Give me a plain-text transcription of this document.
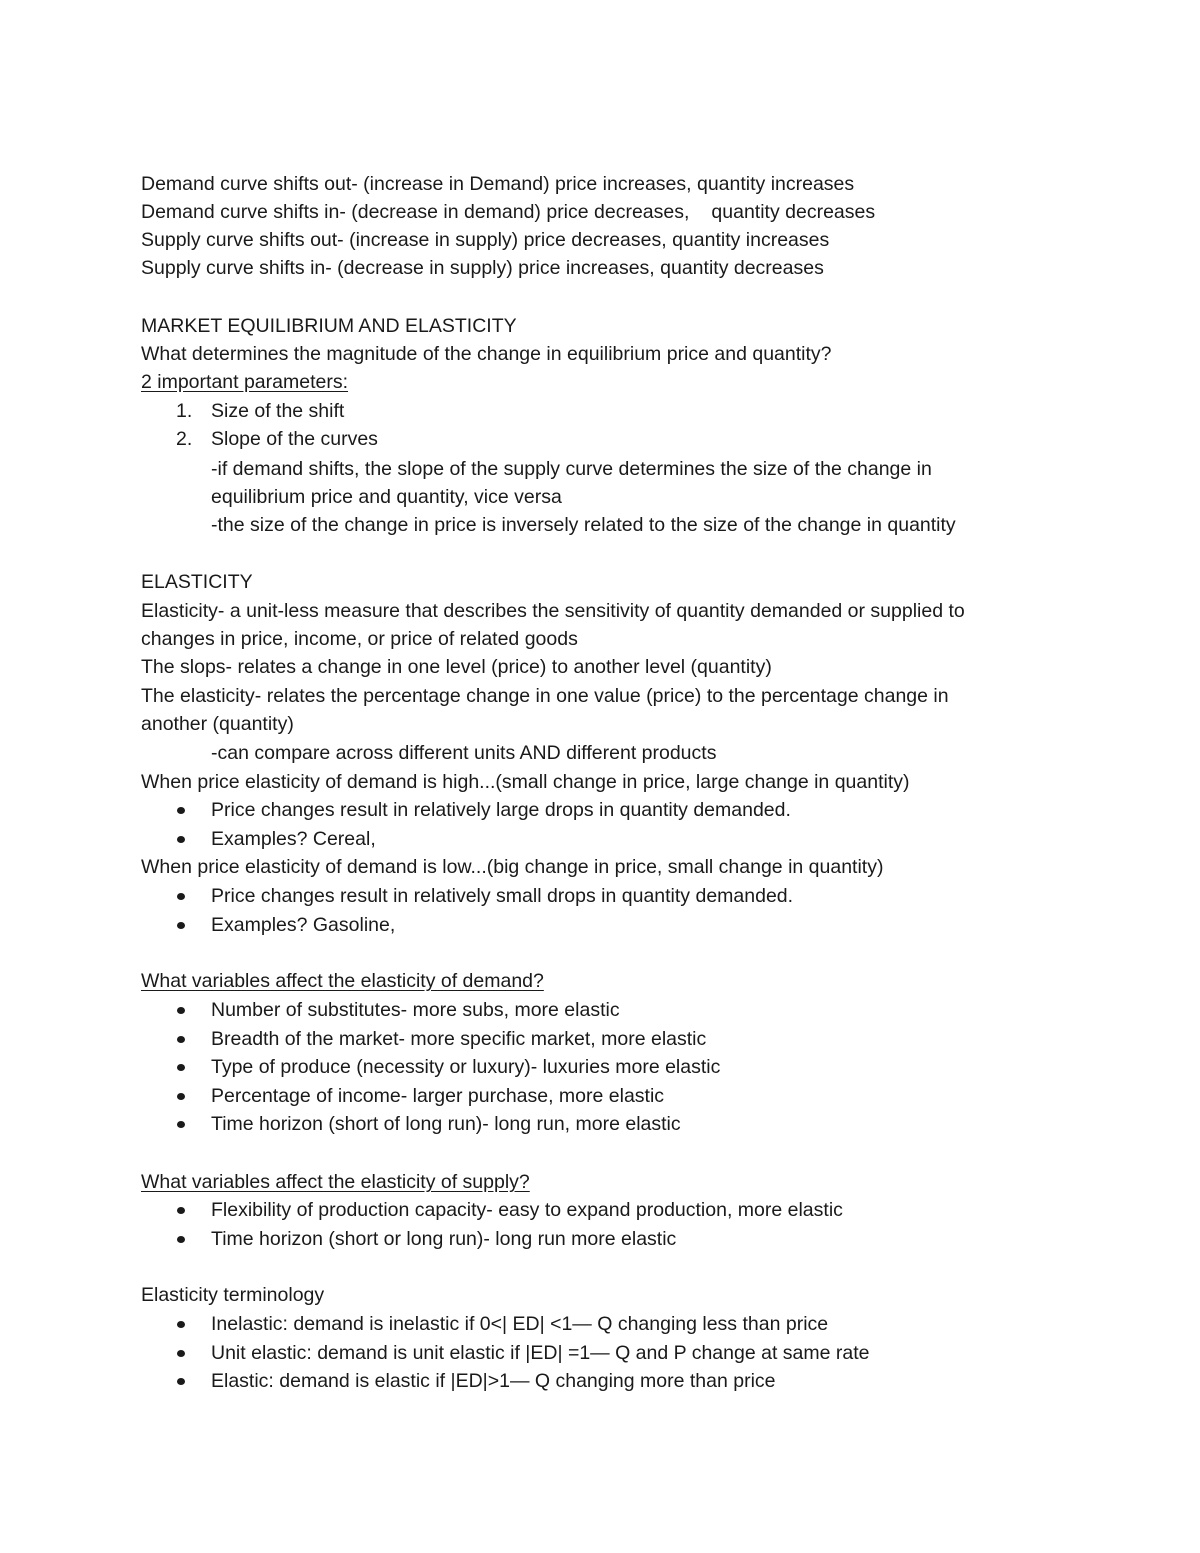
Demand curve shifts out- (increase in Demand) price increases, quantity increases
Demand curve shifts in- (decrease in demand) price decreases, quantity decreases
Supply curve shifts out- (increase in supply) price decreases, quantity increases
Supply curve shifts in- (decrease in supply) price increases, quantity decreases
MARKET EQUILIBRIUM AND ELASTICITY
What determines the magnitude of the change in equilibrium price and quantity?
2 important parameters:
1. Size of the shift
2. Slope of the curves
-if demand shifts, the slope of the supply curve determines the size of the change in
equilibrium price and quantity, vice versa
-the size of the change in price is inversely related to the size of the change in quantity
ELASTICITY
Elasticity- a unit-less measure that describes the sensitivity of quantity demanded or supplied to
changes in price, income, or price of related goods
The slops- relates a change in one level (price) to another level (quantity)
The elasticity- relates the percentage change in one value (price) to the percentage change in
another (quantity)
-can compare across different units AND different products
When price elasticity of demand is high...(small change in price, large change in quantity)
Price changes result in relatively large drops in quantity demanded.
Examples? Cereal,
When price elasticity of demand is low...(big change in price, small change in quantity)
Price changes result in relatively small drops in quantity demanded.
Examples? Gasoline,
What variables affect the elasticity of demand?
Number of substitutes- more subs, more elastic
Breadth of the market- more specific market, more elastic
Type of produce (necessity or luxury)- luxuries more elastic
Percentage of income- larger purchase, more elastic
Time horizon (short of long run)- long run, more elastic
What variables affect the elasticity of supply?
Flexibility of production capacity- easy to expand production, more elastic
Time horizon (short or long run)- long run more elastic
Elasticity terminology
Inelastic: demand is inelastic if 0<| ED| <1— Q changing less than price
Unit elastic: demand is unit elastic if |ED| =1— Q and P change at same rate
Elastic: demand is elastic if |ED|>1— Q changing more than price
